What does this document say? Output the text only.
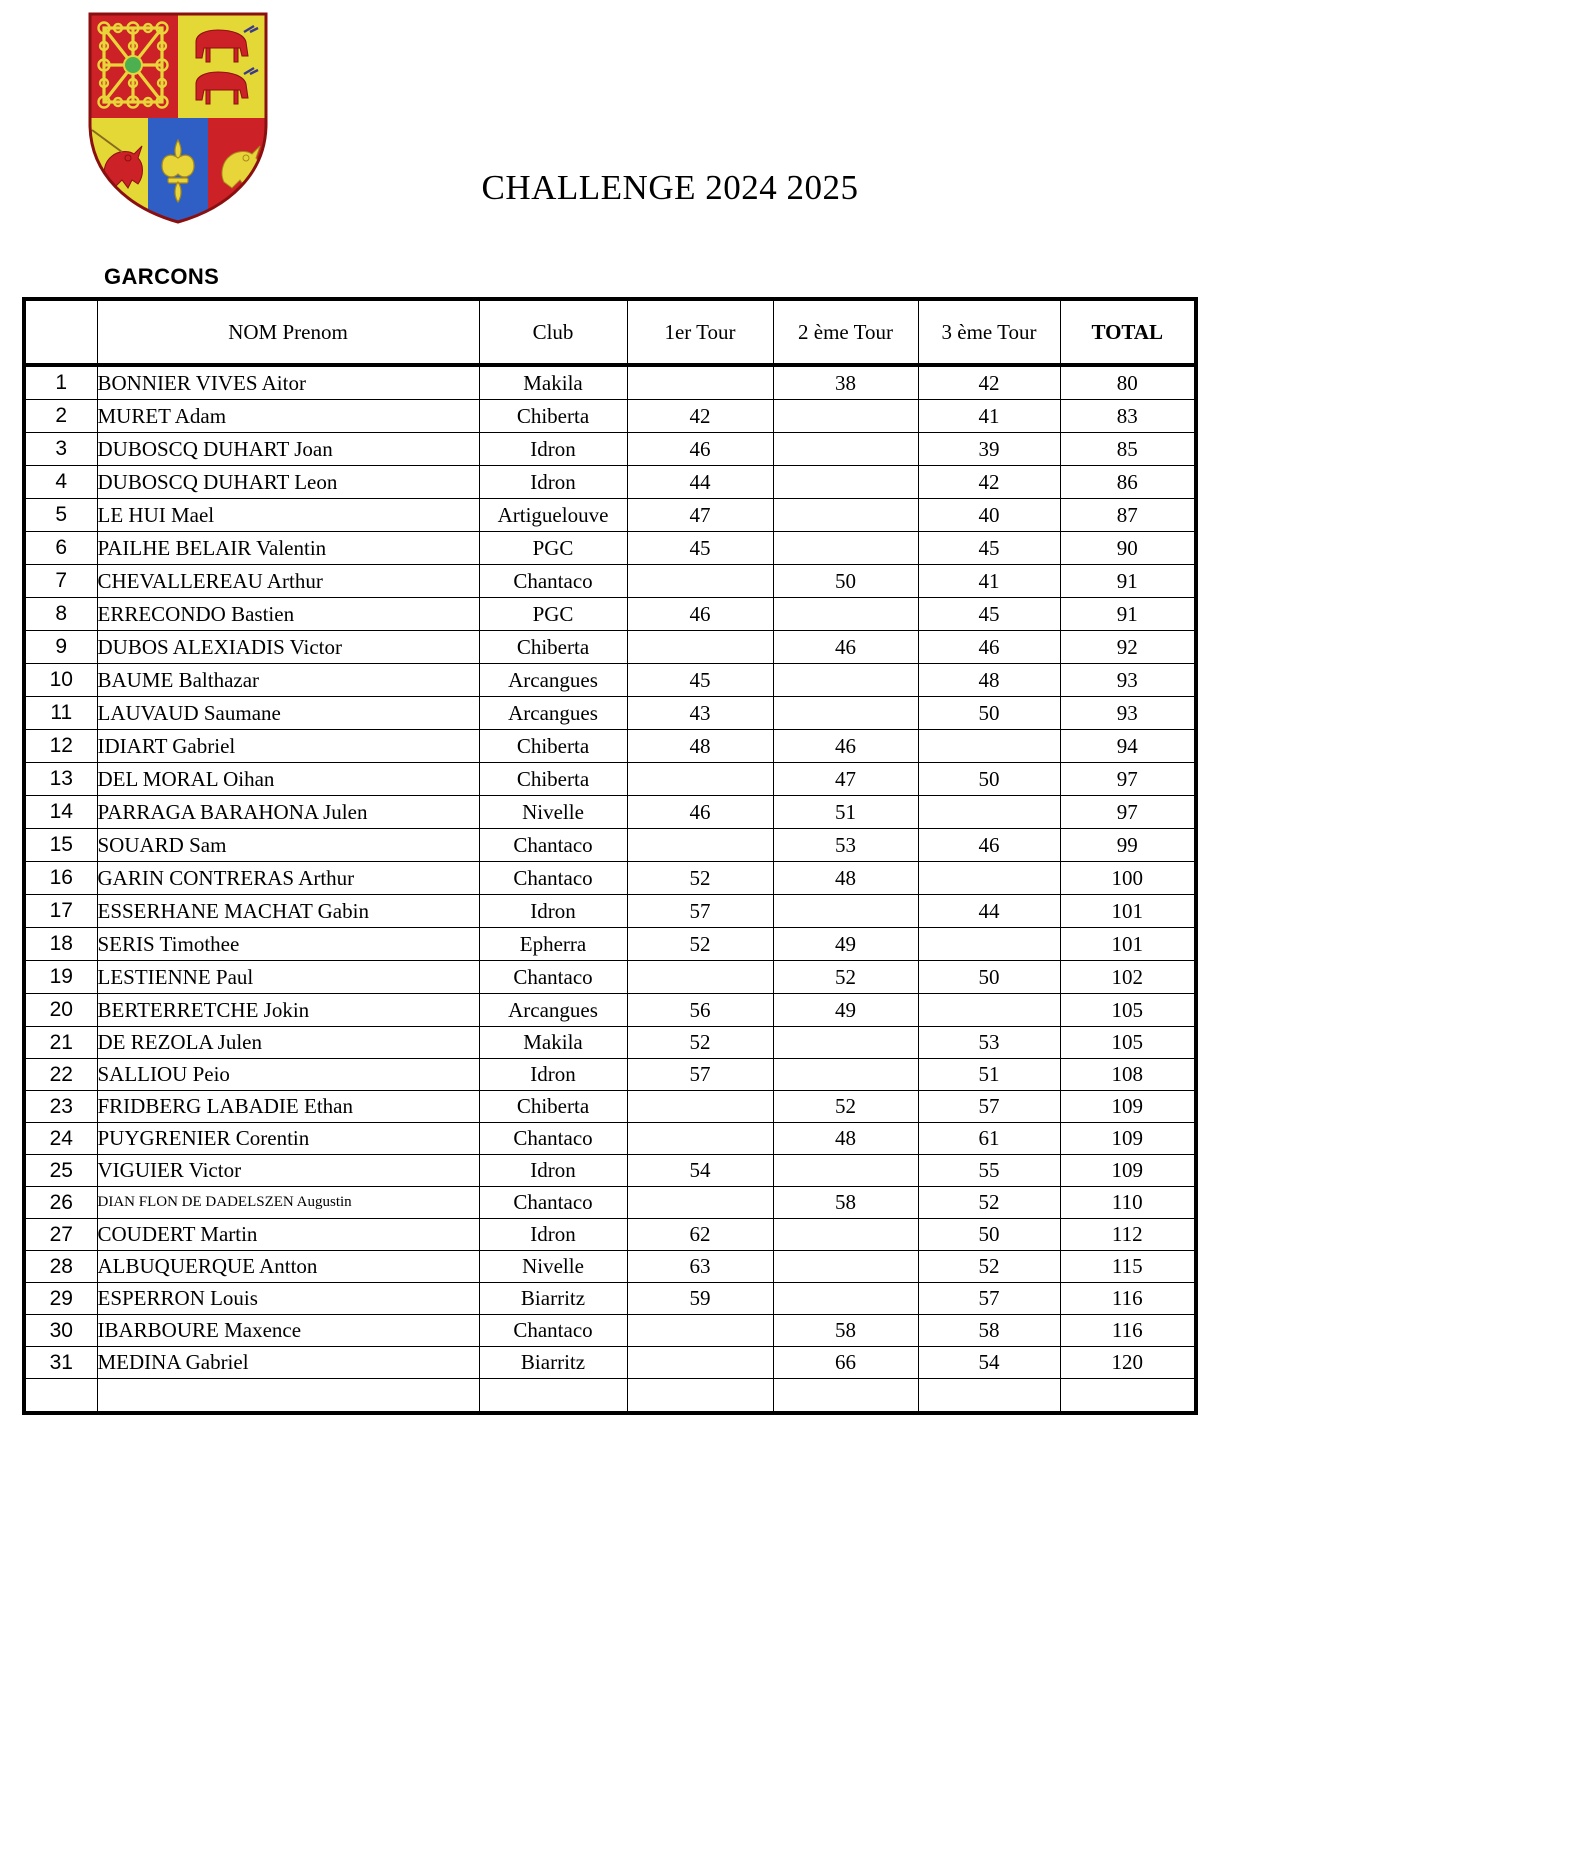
CHALLENGE 2024 2025
GARCONS
	NOM Prenom	Club	1er Tour	2 ème Tour	3 ème Tour	TOTAL
1	BONNIER VIVES Aitor	Makila		38	42	80
2	MURET Adam	Chiberta	42		41	83
3	DUBOSCQ DUHART Joan	Idron	46		39	85
4	DUBOSCQ DUHART Leon	Idron	44		42	86
5	LE HUI Mael	Artiguelouve	47		40	87
6	PAILHE BELAIR Valentin	PGC	45		45	90
7	CHEVALLEREAU Arthur	Chantaco		50	41	91
8	ERRECONDO Bastien	PGC	46		45	91
9	DUBOS ALEXIADIS Victor	Chiberta		46	46	92
10	BAUME Balthazar	Arcangues	45		48	93
11	LAUVAUD Saumane	Arcangues	43		50	93
12	IDIART Gabriel	Chiberta	48	46		94
13	DEL MORAL Oihan	Chiberta		47	50	97
14	PARRAGA BARAHONA Julen	Nivelle	46	51		97
15	SOUARD Sam	Chantaco		53	46	99
16	GARIN CONTRERAS Arthur	Chantaco	52	48		100
17	ESSERHANE MACHAT Gabin	Idron	57		44	101
18	SERIS Timothee	Epherra	52	49		101
19	LESTIENNE Paul	Chantaco		52	50	102
20	BERTERRETCHE Jokin	Arcangues	56	49		105
21	DE REZOLA Julen	Makila	52		53	105
22	SALLIOU Peio	Idron	57		51	108
23	FRIDBERG LABADIE Ethan	Chiberta		52	57	109
24	PUYGRENIER Corentin	Chantaco		48	61	109
25	VIGUIER Victor	Idron	54		55	109
26	DIAN FLON DE DADELSZEN Augustin	Chantaco		58	52	110
27	COUDERT Martin	Idron	62		50	112
28	ALBUQUERQUE Antton	Nivelle	63		52	115
29	ESPERRON Louis	Biarritz	59		57	116
30	IBARBOURE Maxence	Chantaco		58	58	116
31	MEDINA Gabriel	Biarritz		66	54	120
